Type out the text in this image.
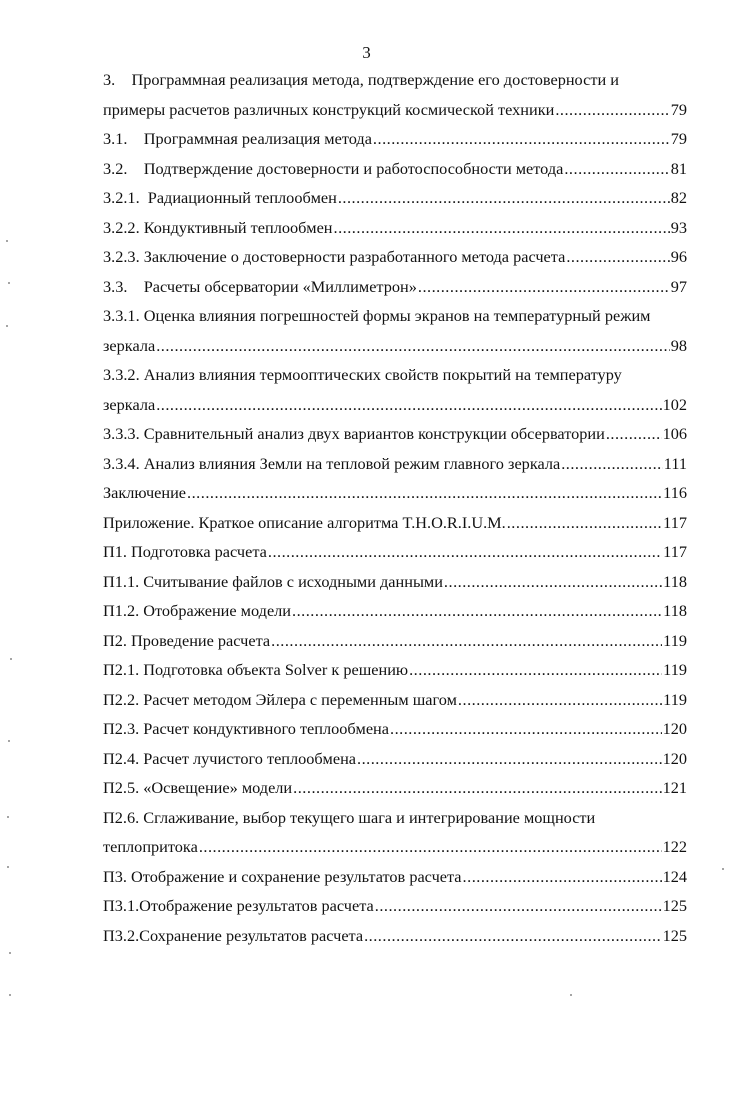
3
3. Программная реализация метода, подтверждение его достоверности и
примеры расчетов различных конструкций космической техники .....	79
3.1. Программная реализация метода .....	79
3.2. Подтверждение достоверности и работоспособности метода .....	81
3.2.1. Радиационный теплообмен .....	82
3.2.2. Кондуктивный теплообмен .....	93
3.2.3. Заключение о достоверности разработанного метода расчета .....	96
3.3. Расчеты обсерватории «Миллиметрон» .....	97
3.3.1. Оценка влияния погрешностей формы экранов на температурный режим
зеркала .....	98
3.3.2. Анализ влияния термооптических свойств покрытий на температуру
зеркала .....	102
3.3.3. Сравнительный анализ двух вариантов конструкции обсерватории .....	106
3.3.4. Анализ влияния Земли на тепловой режим главного зеркала .....	111
Заключение .....	116
Приложение. Краткое описание алгоритма T.H.O.R.I.U.M. .....	117
П1. Подготовка расчета .....	117
П1.1. Считывание файлов с исходными данными .....	118
П1.2. Отображение модели .....	118
П2. Проведение расчета .....	119
П2.1. Подготовка объекта Solver к решению .....	119
П2.2. Расчет методом Эйлера с переменным шагом .....	119
П2.3. Расчет кондуктивного теплообмена .....	120
П2.4. Расчет лучистого теплообмена .....	120
П2.5. «Освещение» модели .....	121
П2.6. Сглаживание, выбор текущего шага и интегрирование мощности
теплопритока .....	122
П3. Отображение и сохранение результатов расчета .....	124
П3.1.Отображение результатов расчета .....	125
П3.2.Сохранение результатов расчета .....	125
